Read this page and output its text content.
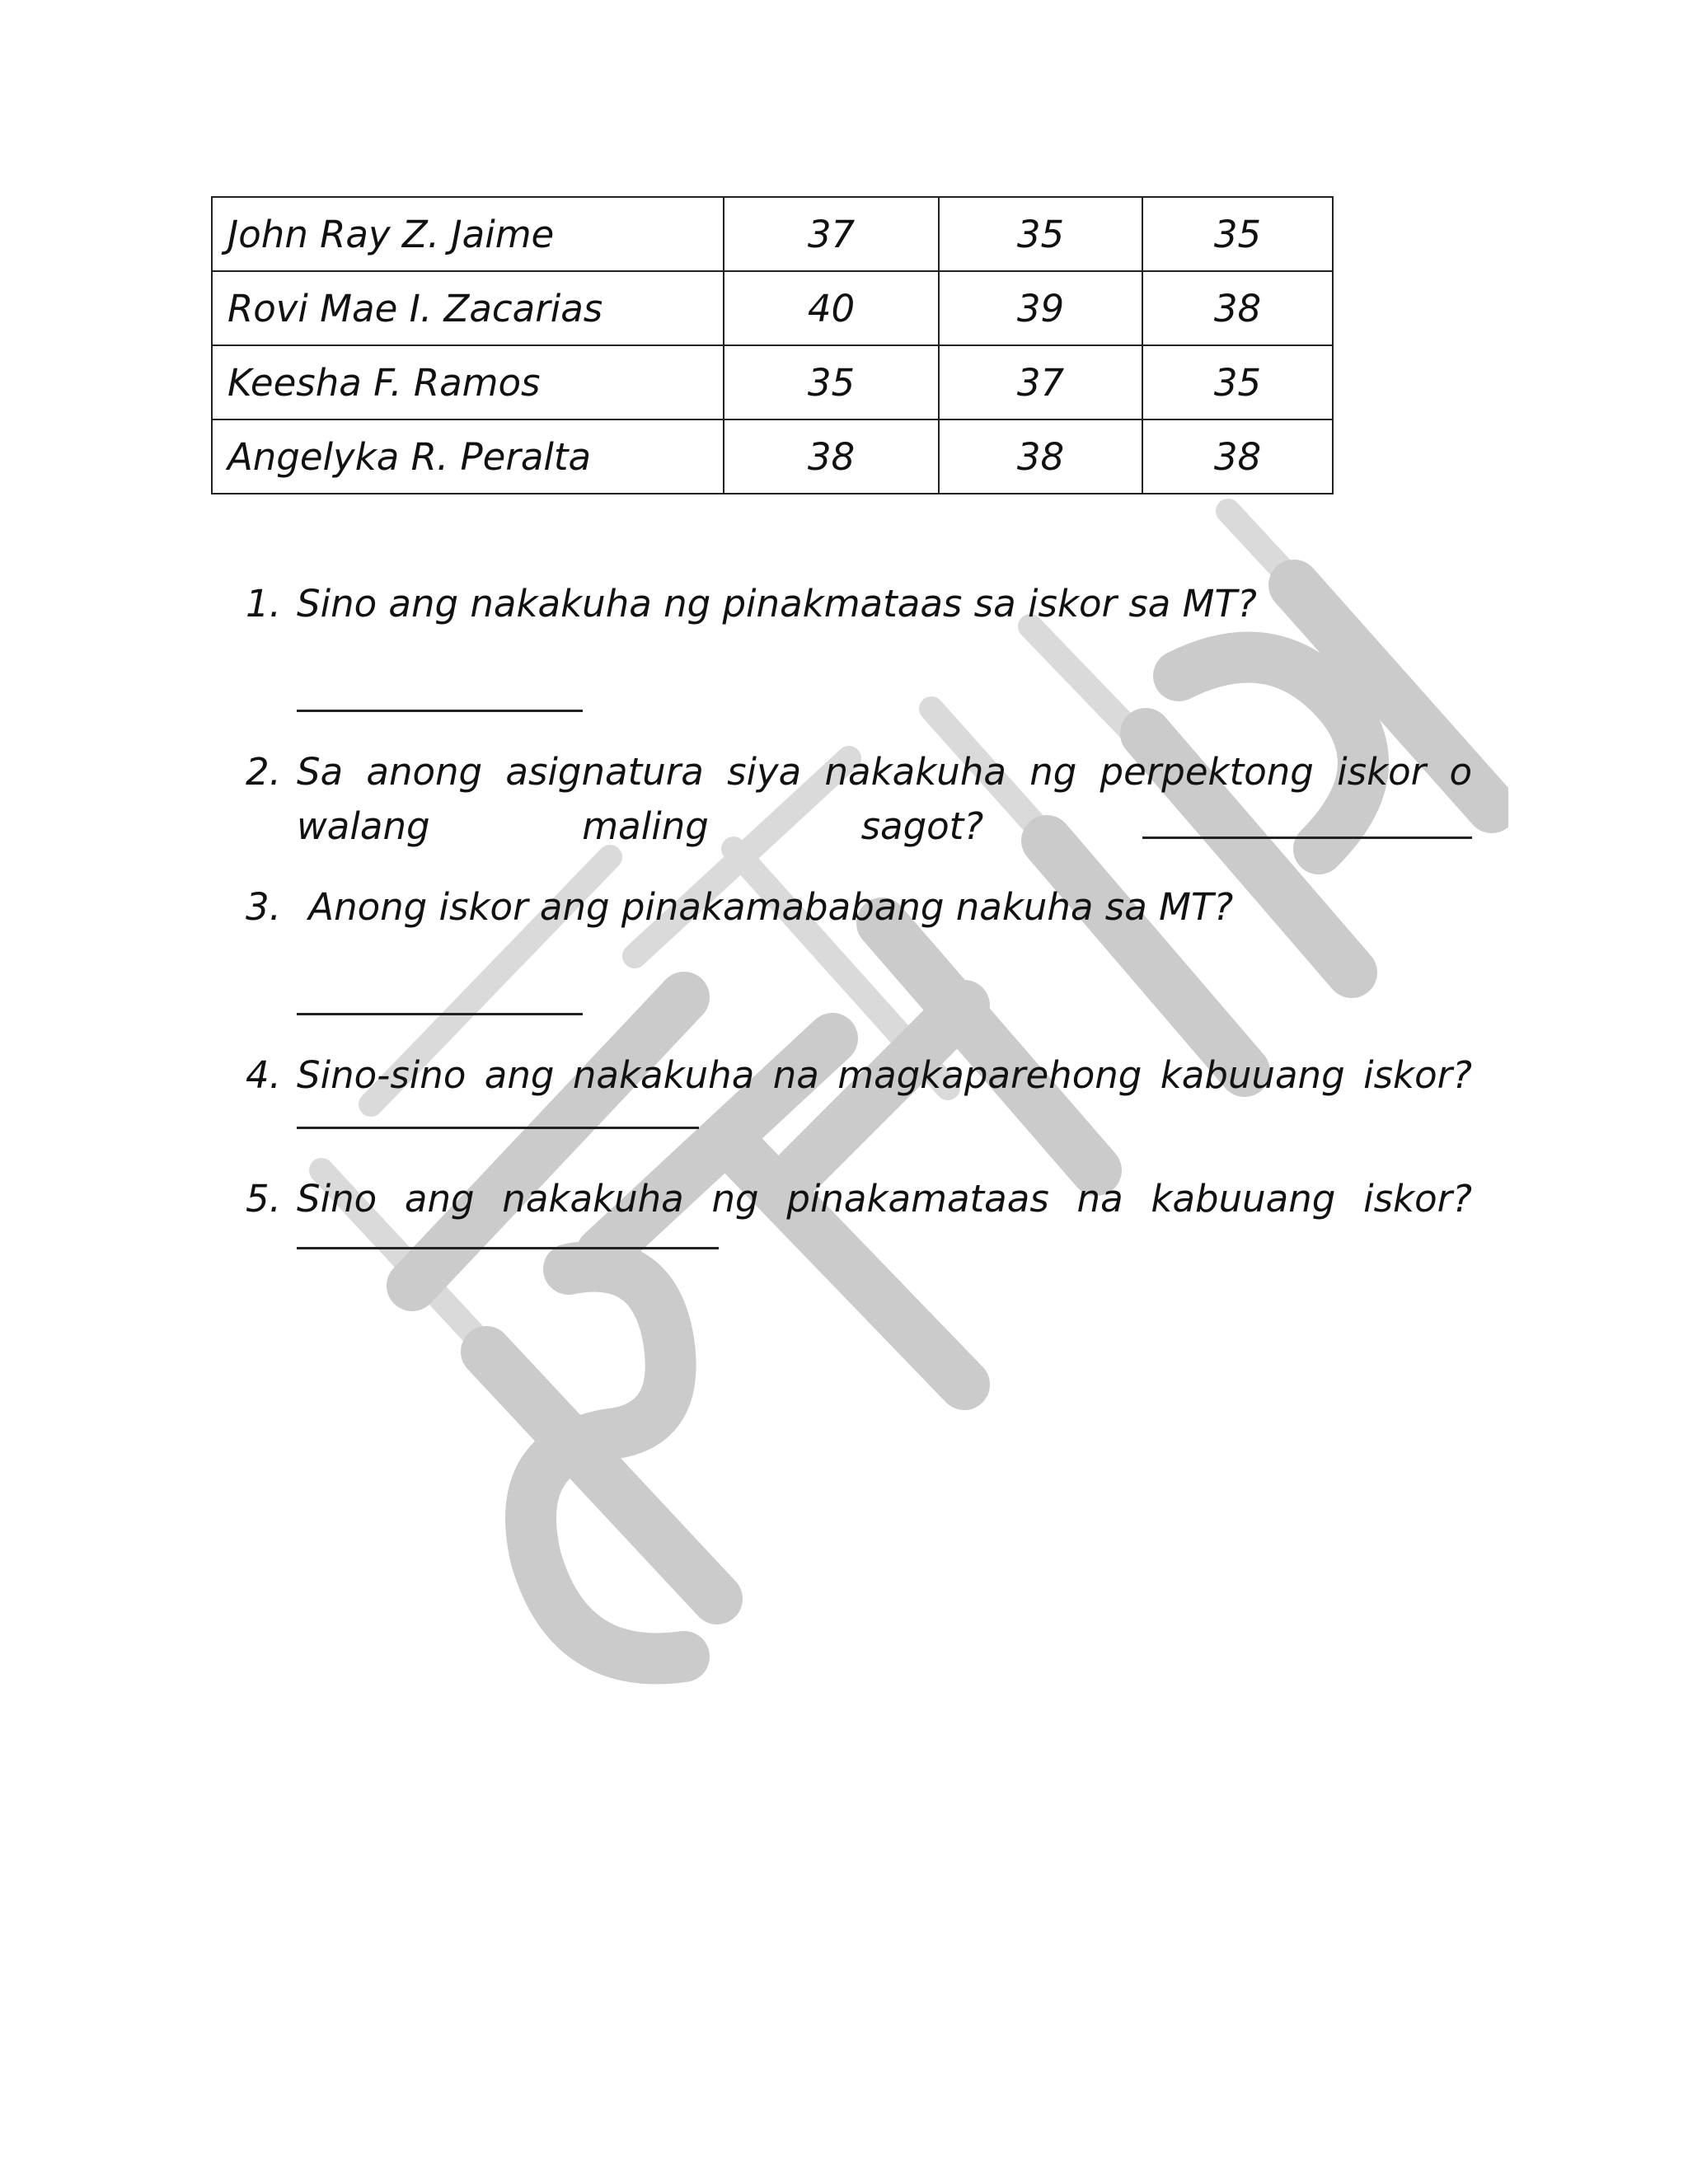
John Ray Z. Jaime	37	35	35
Rovi Mae I. Zacarias	40	39	38
Keesha F. Ramos	35	37	35
Angelyka R. Peralta	38	38	38
1. Sino ang nakakuha ng pinakmataas sa iskor sa MT?
2. Sa anong asignatura siya nakakuha ng perpektong iskor o walang maling sagot?
3. Anong iskor ang pinakamababang nakuha sa MT?
4. Sino-sino ang nakakuha na magkaparehong kabuuang iskor?
5. Sino ang nakakuha ng pinakamataas na kabuuang iskor?
